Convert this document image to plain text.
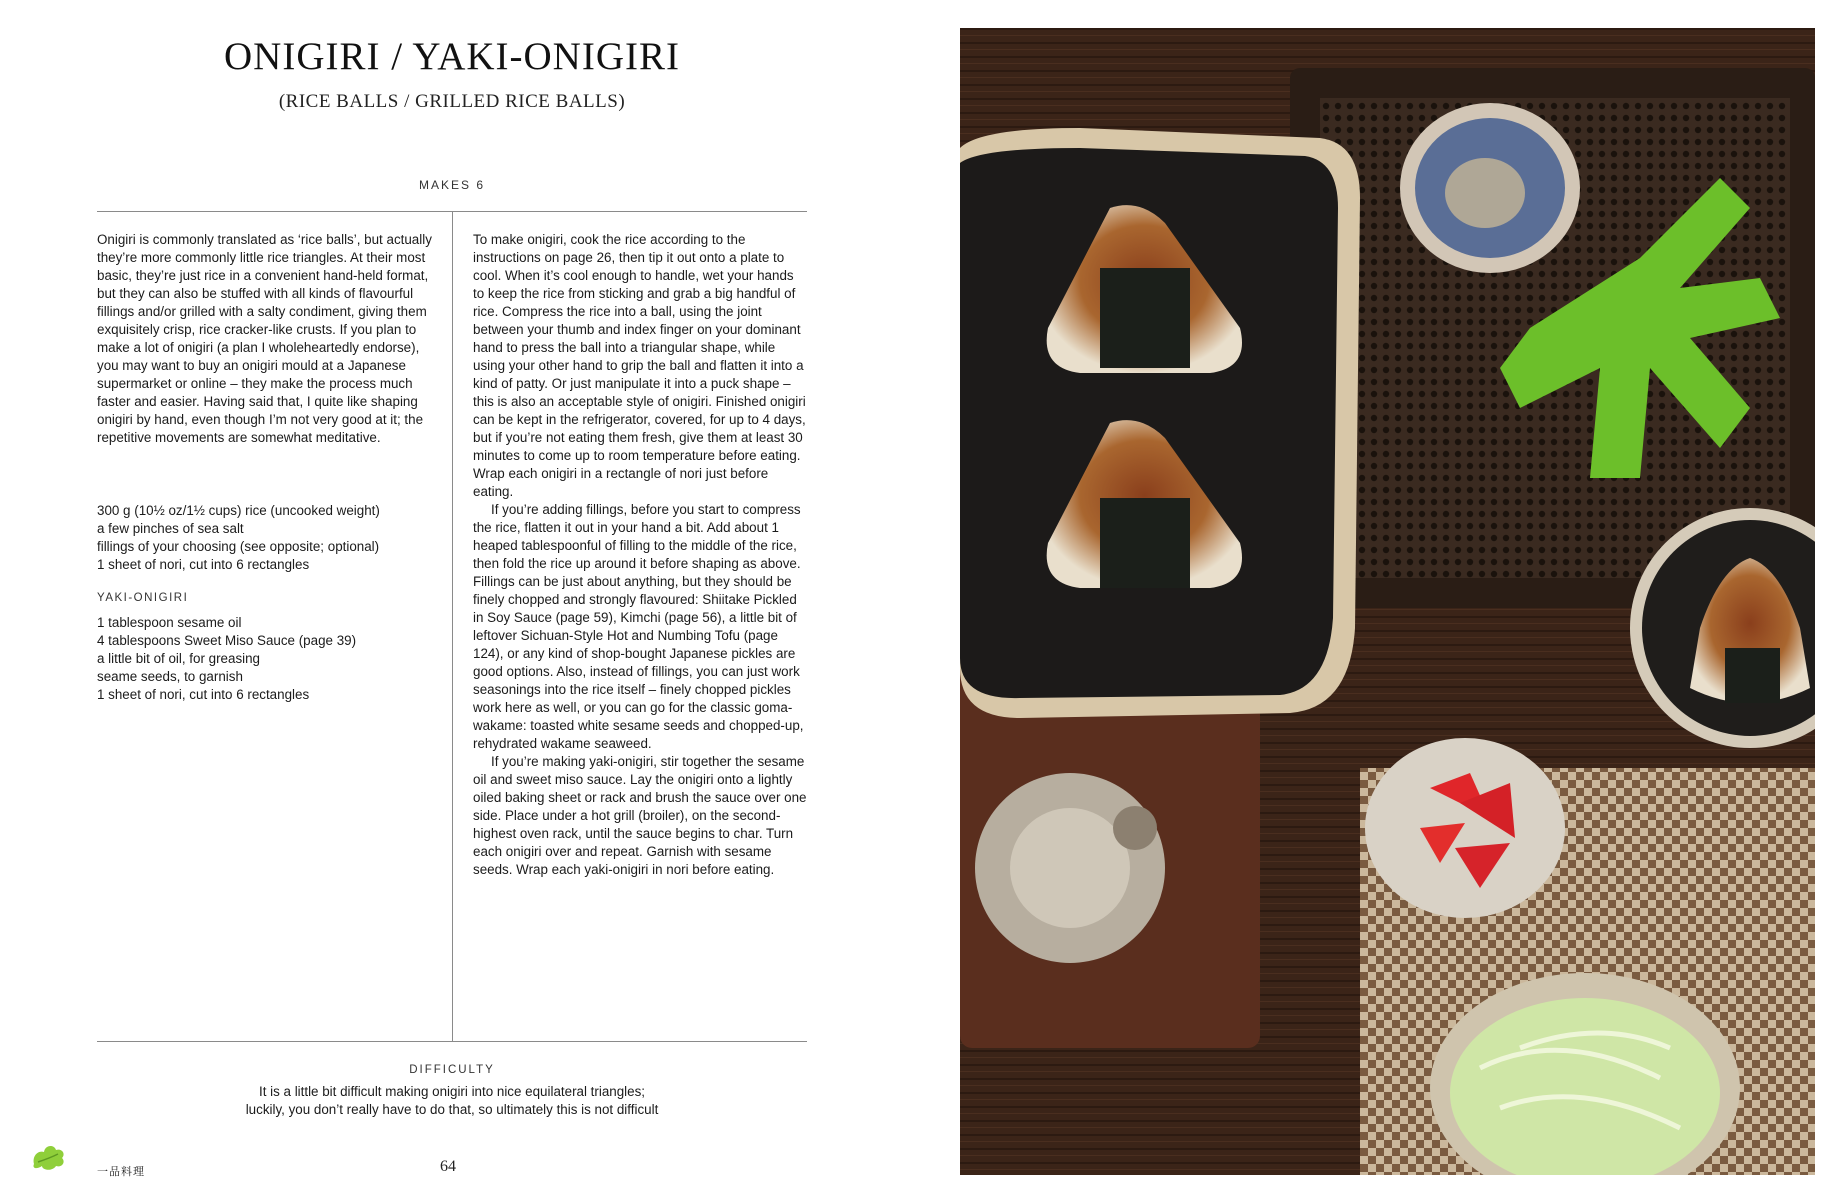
ONIGIRI / YAKI-ONIGIRI
(RICE BALLS / GRILLED RICE BALLS)
MAKES 6

Onigiri is commonly translated as ‘rice balls’, but actually they’re more commonly little rice triangles. At their most basic, they’re just rice in a convenient hand-held format, but they can also be stuffed with all kinds of flavourful fillings and/or grilled with a salty condiment, giving them exquisitely crisp, rice cracker-like crusts. If you plan to make a lot of onigiri (a plan I wholeheartedly endorse), you may want to buy an onigiri mould at a Japanese supermarket or online – they make the process much faster and easier. Having said that, I quite like shaping onigiri by hand, even though I’m not very good at it; the repetitive movements are somewhat meditative.

300 g (10½ oz/1½ cups) rice (uncooked weight)
a few pinches of sea salt
fillings of your choosing (see opposite; optional)
1 sheet of nori, cut into 6 rectangles
YAKI-ONIGIRI
1 tablespoon sesame oil
4 tablespoons Sweet Miso Sauce (page 39)
a little bit of oil, for greasing
seame seeds, to garnish
1 sheet of nori, cut into 6 rectangles

To make onigiri, cook the rice according to the instructions on page 26, then tip it out onto a plate to cool. When it’s cool enough to handle, wet your hands to keep the rice from sticking and grab a big handful of rice. Compress the rice into a ball, using the joint between your thumb and index finger on your dominant hand to press the ball into a triangular shape, while using your other hand to grip the ball and flatten it into a kind of patty. Or just manipulate it into a puck shape – this is also an acceptable style of onigiri. Finished onigiri can be kept in the refrigerator, covered, for up to 4 days, but if you’re not eating them fresh, give them at least 30 minutes to come up to room temperature before eating. Wrap each onigiri in a rectangle of nori just before eating.

If you’re adding fillings, before you start to compress the rice, flatten it out in your hand a bit. Add about 1 heaped tablespoonful of filling to the middle of the rice, then fold the rice up around it before shaping as above. Fillings can be just about anything, but they should be finely chopped and strongly flavoured: Shiitake Pickled in Soy Sauce (page 59), Kimchi (page 56), a little bit of leftover Sichuan-Style Hot and Numbing Tofu (page 124), or any kind of shop-bought Japanese pickles are good options. Also, instead of fillings, you can just work seasonings into the rice itself – finely chopped pickles work here as well, or you can go for the classic goma-wakame: toasted white sesame seeds and chopped-up, rehydrated wakame seaweed.

If you’re making yaki-onigiri, stir together the sesame oil and sweet miso sauce. Lay the onigiri onto a lightly oiled baking sheet or rack and brush the sauce over one side. Place under a hot grill (broiler), on the second-highest oven rack, until the sauce begins to char. Turn each onigiri over and repeat. Garnish with sesame seeds. Wrap each yaki-onigiri in nori before eating.

DIFFICULTY
It is a little bit difficult making onigiri into nice equilateral triangles;
luckily, you don’t really have to do that, so ultimately this is not difficult
一品料理	64
